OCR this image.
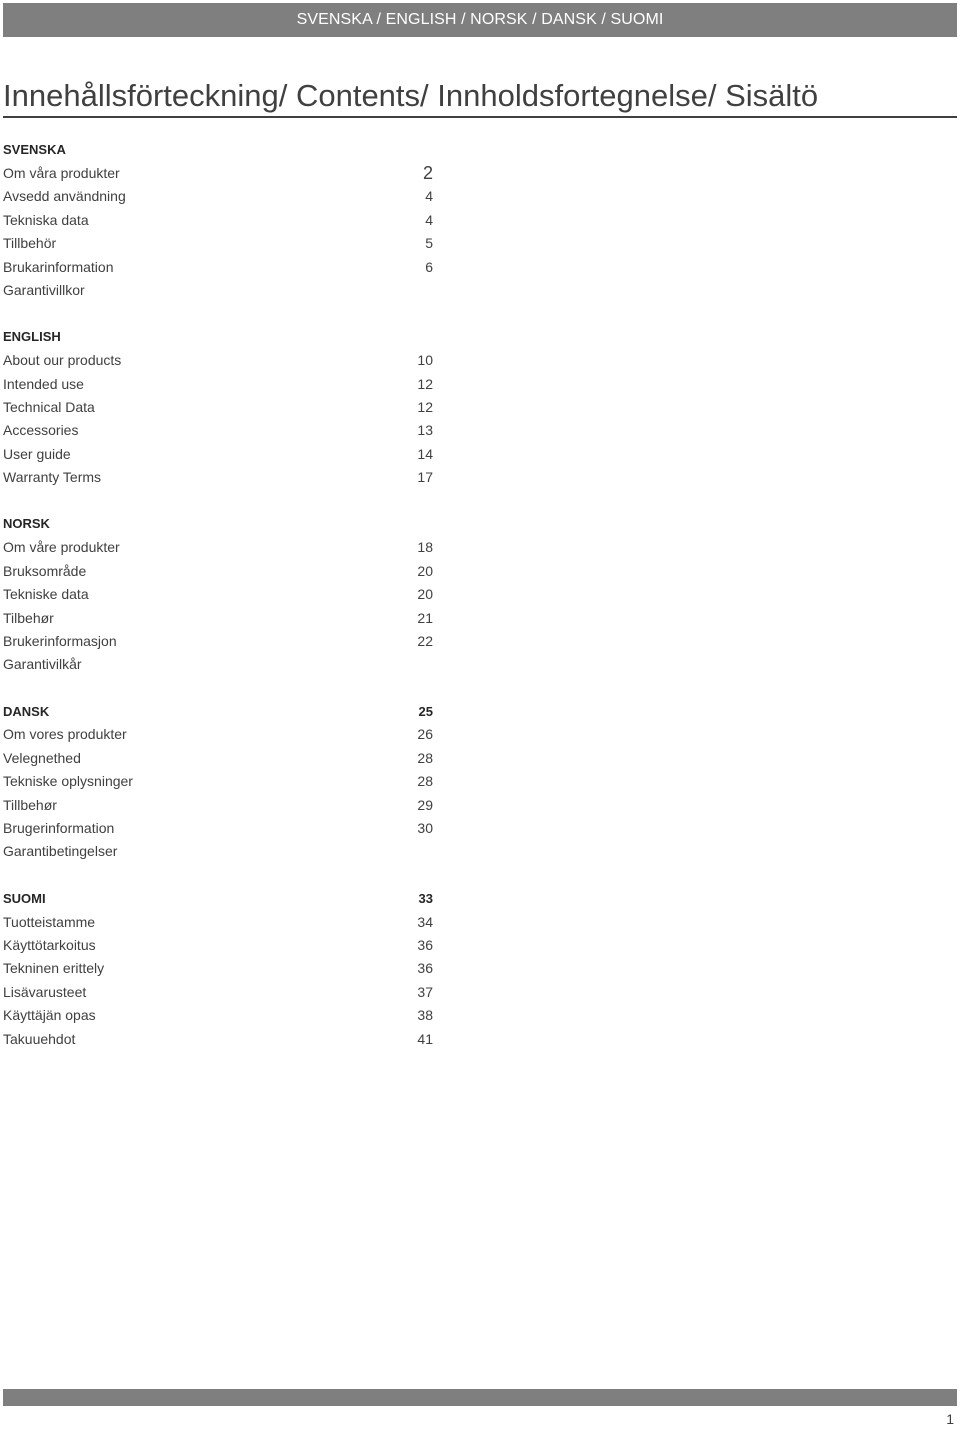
SVENSKA / ENGLISH / NORSK / DANSK / SUOMI
Innehållsförteckning/ Contents/ Innholdsfortegnelse/ Sisältö
SVENSKA
Om våra produkter	2
Avsedd användning	4
Tekniska data	4
Tillbehör	5
Brukarinformation	6
Garantivillkor
ENGLISH
About our products	10
Intended use	12
Technical Data	12
Accessories	13
User guide	14
Warranty Terms	17
NORSK
Om våre produkter	18
Bruksområde	20
Tekniske data	20
Tilbehør	21
Brukerinformasjon	22
Garantivilkår
DANSK	25
Om vores produkter	26
Velegnethed	28
Tekniske oplysninger	28
Tillbehør	29
Brugerinformation	30
Garantibetingelser
SUOMI	33
Tuotteistamme	34
Käyttötarkoitus	36
Tekninen erittely	36
Lisävarusteet	37
Käyttäjän opas	38
Takuuehdot	41
1
